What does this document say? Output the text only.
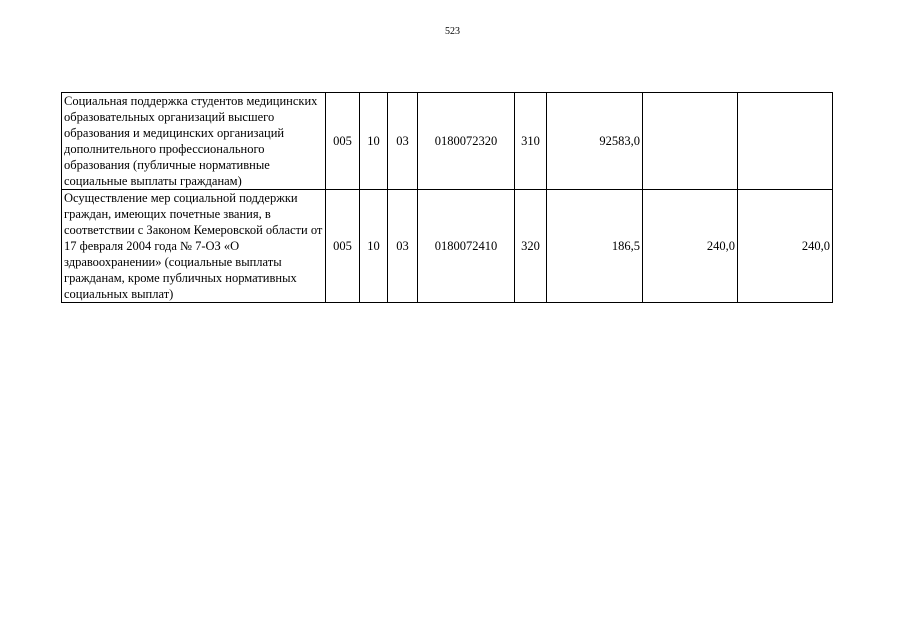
523
Социальная поддержка студентов медицинских образовательных организаций высшего образования и медицинских организаций дополнительного профессионального образования (публичные нормативные социальные выплаты гражданам)	005	10	03	0180072320	310	92583,0		
Осуществление мер социальной поддержки граждан, имеющих почетные звания, в соответствии с Законом Кемеровской области от 17 февраля 2004 года № 7-ОЗ «О здравоохранении» (социальные выплаты гражданам, кроме публичных нормативных социальных выплат)	005	10	03	0180072410	320	186,5	240,0	240,0
